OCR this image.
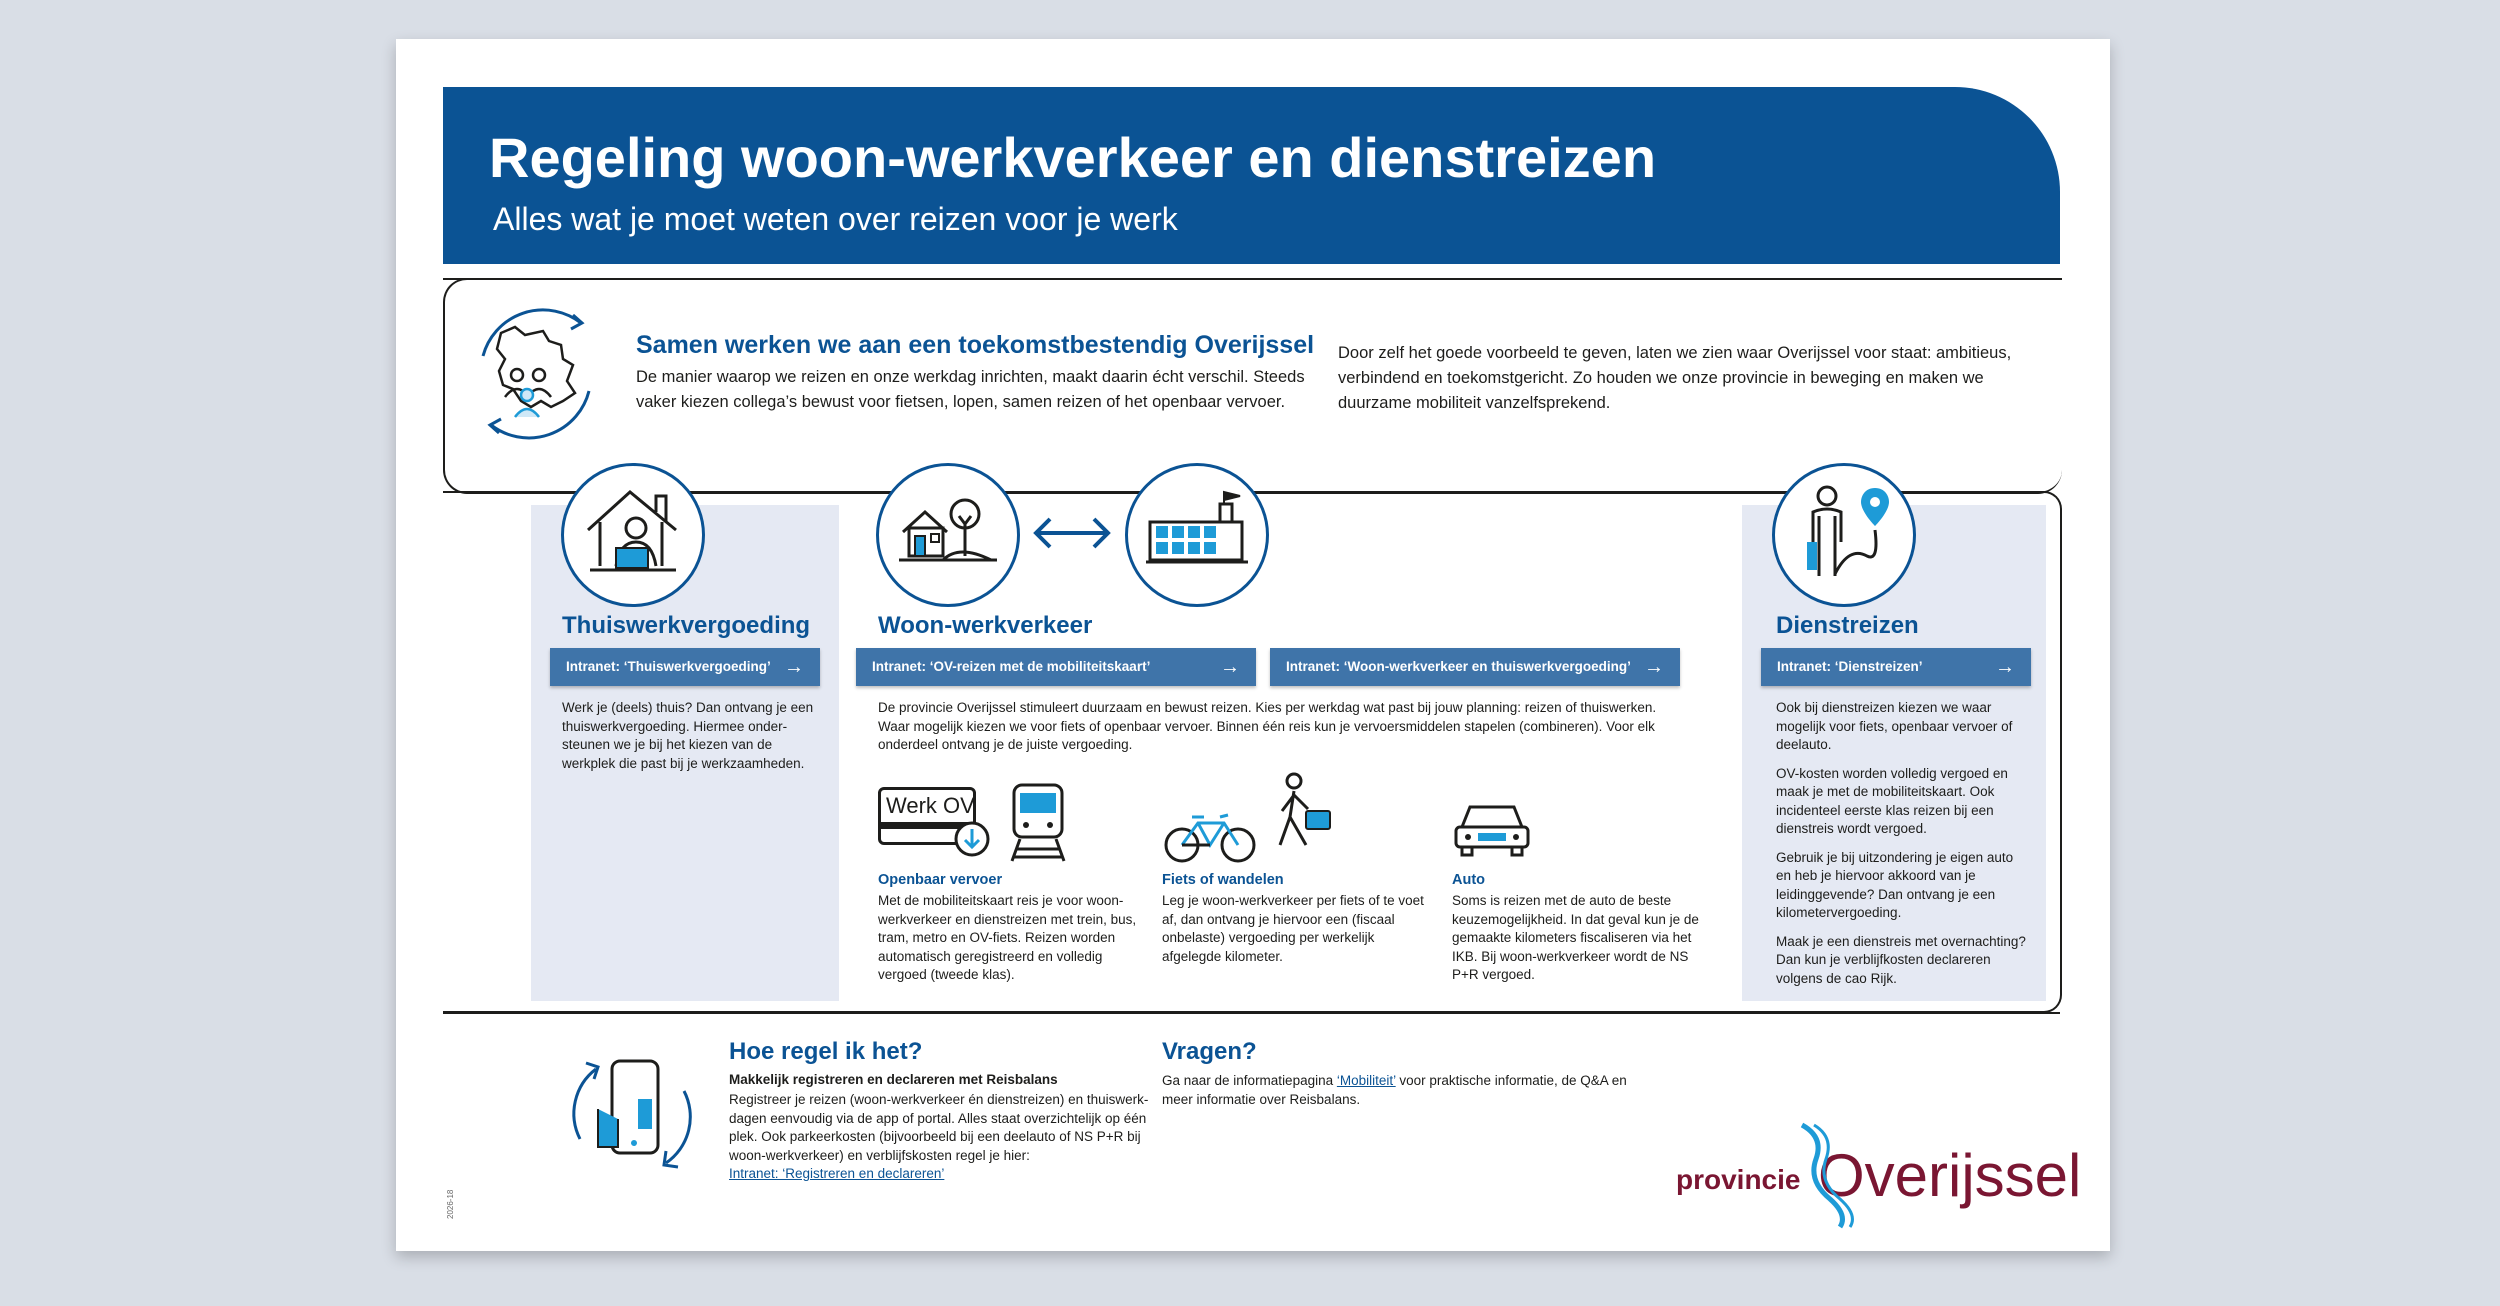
Regeling woon-werkverkeer en dienstreizen
Alles wat je moet weten over reizen voor je werk
Samen werken we aan een toekomstbestendig Overijssel
De manier waarop we reizen en onze werkdag inrichten, maakt daarin écht verschil. Steeds vaker kiezen collega’s bewust voor fietsen, lopen, samen reizen of het openbaar vervoer.
Door zelf het goede voorbeeld te geven, laten we zien waar Overijssel voor staat: ambitieus, verbindend en toekomstgericht. Zo houden we onze provincie in beweging en maken we duurzame mobiliteit vanzelfsprekend.
Thuiswerkvergoeding	Woon-werkverkeer	Dienstreizen
Intranet: ‘Thuiswerkvergoeding’ →	Intranet: ‘OV-reizen met de mobiliteitskaart’	→	Intranet: ‘Woon-werkverkeer en thuiswerkvergoeding’ →	Intranet: ‘Dienstreizen’	→
Werk je (deels) thuis? Dan ontvang je een thuiswerkvergoeding. Hiermee onder-steunen we je bij het kiezen van de werkplek die past bij je werkzaamheden.
De provincie Overijssel stimuleert duurzaam en bewust reizen. Kies per werkdag wat past bij jouw planning: reizen of thuiswerken. Waar mogelijk kiezen we voor fiets of openbaar vervoer. Binnen één reis kun je vervoersmiddelen stapelen (combineren). Voor elk onderdeel ontvang je de juiste vergoeding.
Werk OV
Openbaar vervoer
Met de mobiliteitskaart reis je voor woon-werkverkeer en dienstreizen met trein, bus, tram, metro en OV-fiets. Reizen worden automatisch geregistreerd en volledig vergoed (tweede klas).
Fiets of wandelen
Leg je woon-werkverkeer per fiets of te voet af, dan ontvang je hiervoor een (fiscaal onbelaste) vergoeding per werkelijk afgelegde kilometer.
Auto
Soms is reizen met de auto de beste keuzemogelijkheid. In dat geval kun je de gemaakte kilometers fiscaliseren via het IKB. Bij woon-werkverkeer wordt de NS P+R vergoed.

Ook bij dienstreizen kiezen we waar mogelijk voor fiets, openbaar vervoer of deelauto.

OV-kosten worden volledig vergoed en maak je met de mobiliteitskaart. Ook incidenteel eerste klas reizen bij een dienstreis wordt vergoed.

Gebruik je bij uitzondering je eigen auto en heb je hiervoor akkoord van je leidinggevende? Dan ontvang je een kilometervergoeding.

Maak je een dienstreis met overnachting? Dan kun je verblijfkosten declareren volgens de cao Rijk.

Hoe regel ik het?
Makkelijk registreren en declareren met Reisbalans
Registreer je reizen (woon-werkverkeer én dienstreizen) en thuiswerk-dagen eenvoudig via de app of portal. Alles staat overzichtelijk op één plek. Ook parkeerkosten (bijvoorbeeld bij een deelauto of NS P+R bij woon-werkverkeer) en verblijfskosten regel je hier:
Intranet: ‘Registreren en declareren’
Vragen?
Ga naar de informatiepagina ‘Mobiliteit’ voor praktische informatie, de Q&A en meer informatie over Reisbalans.
provincie Overijssel
2026-18
